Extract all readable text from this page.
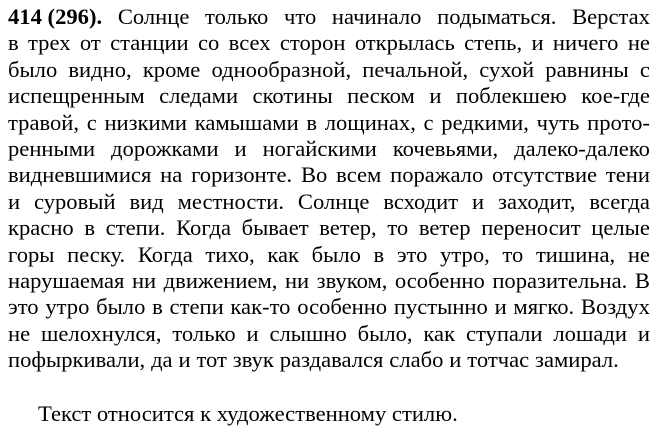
414 (296). Солнце только что начинало подыматься. Верстах
в трех от станции со всех сторон открылась степь, и ничего не
было видно, кроме однообразной, печальной, сухой равнины с
испещренным следами скотины песком и поблекшею кое-где
травой, с низкими камышами в лощинах, с редкими, чуть прото-
ренными дорожками и ногайскими кочевьями, далеко-далеко
видневшимися на горизонте. Во всем поражало отсутствие тени
и суровый вид местности. Солнце всходит и заходит, всегда
красно в степи. Когда бывает ветер, то ветер переносит целые
горы песку. Когда тихо, как было в это утро, то тишина, не
нарушаемая ни движением, ни звуком, особенно поразительна. В
это утро было в степи как-то особенно пустынно и мягко. Воздух
не шелохнулся, только и слышно было, как ступали лошади и
пофыркивали, да и тот звук раздавался слабо и тотчас замирал.
Текст относится к художественному стилю.
